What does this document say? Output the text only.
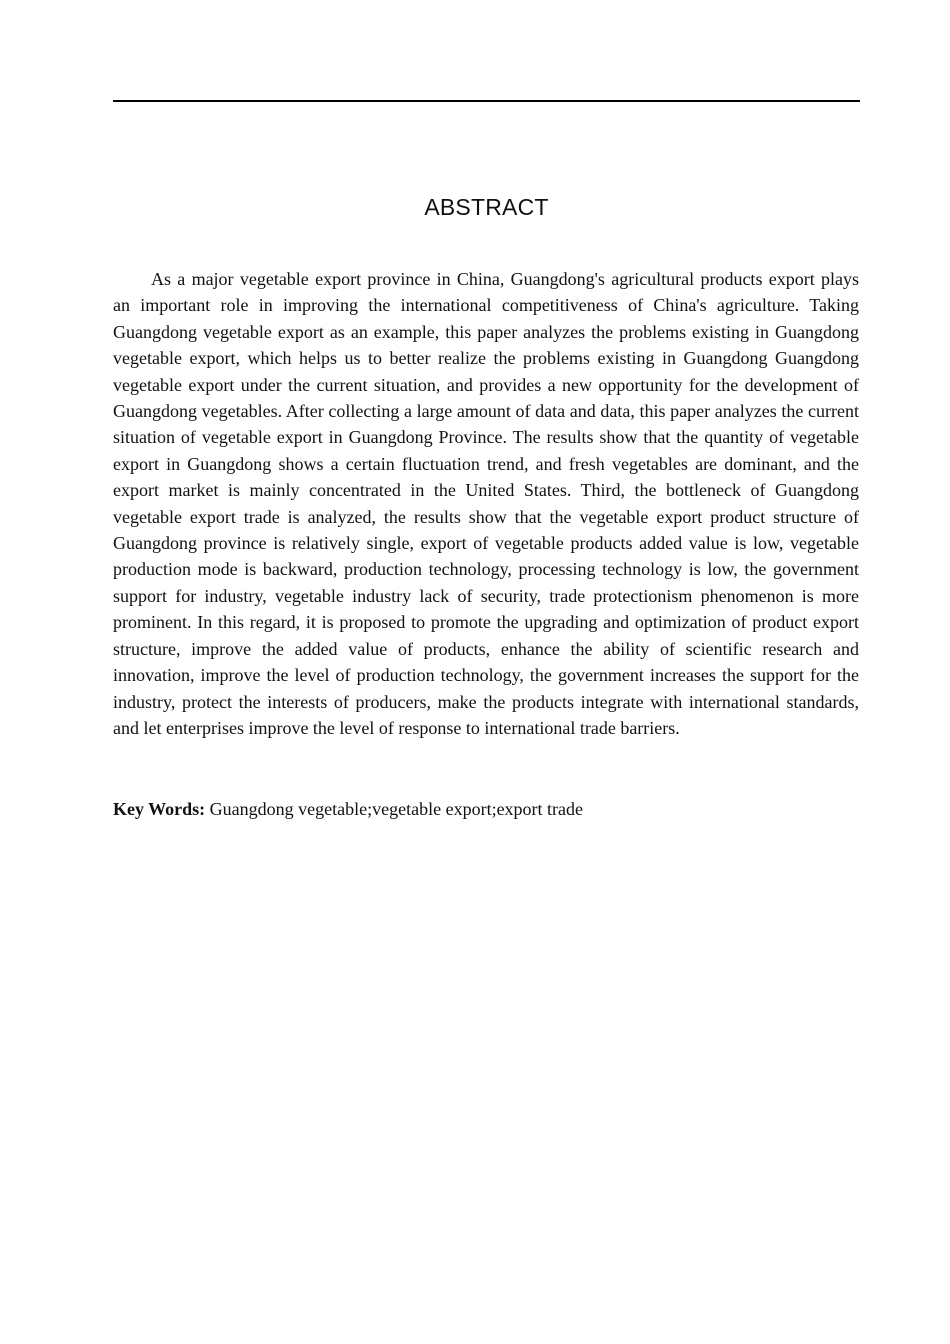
ABSTRACT

As a major vegetable export province in China, Guangdong's agricultural products export plays an important role in improving the international competitiveness of China's agriculture. Taking Guangdong vegetable export as an example, this paper analyzes the problems existing in Guangdong vegetable export, which helps us to better realize the problems existing in Guangdong Guangdong vegetable export under the current situation, and provides a new opportunity for the development of Guangdong vegetables. After collecting a large amount of data and data, this paper analyzes the current situation of vegetable export in Guangdong Province. The results show that the quantity of vegetable export in Guangdong shows a certain fluctuation trend, and fresh vegetables are dominant, and the export market is mainly concentrated in the United States. Third, the bottleneck of Guangdong vegetable export trade is analyzed, the results show that the vegetable export product structure of Guangdong province is relatively single, export of vegetable products added value is low, vegetable production mode is backward, production technology, processing technology is low, the government support for industry, vegetable industry lack of security, trade protectionism phenomenon is more prominent. In this regard, it is proposed to promote the upgrading and optimization of product export structure, improve the added value of products, enhance the ability of scientific research and innovation, improve the level of production technology, the government increases the support for the industry, protect the interests of producers, make the products integrate with international standards, and let enterprises improve the level of response to international trade barriers.

Key Words: Guangdong vegetable;vegetable export;export trade
